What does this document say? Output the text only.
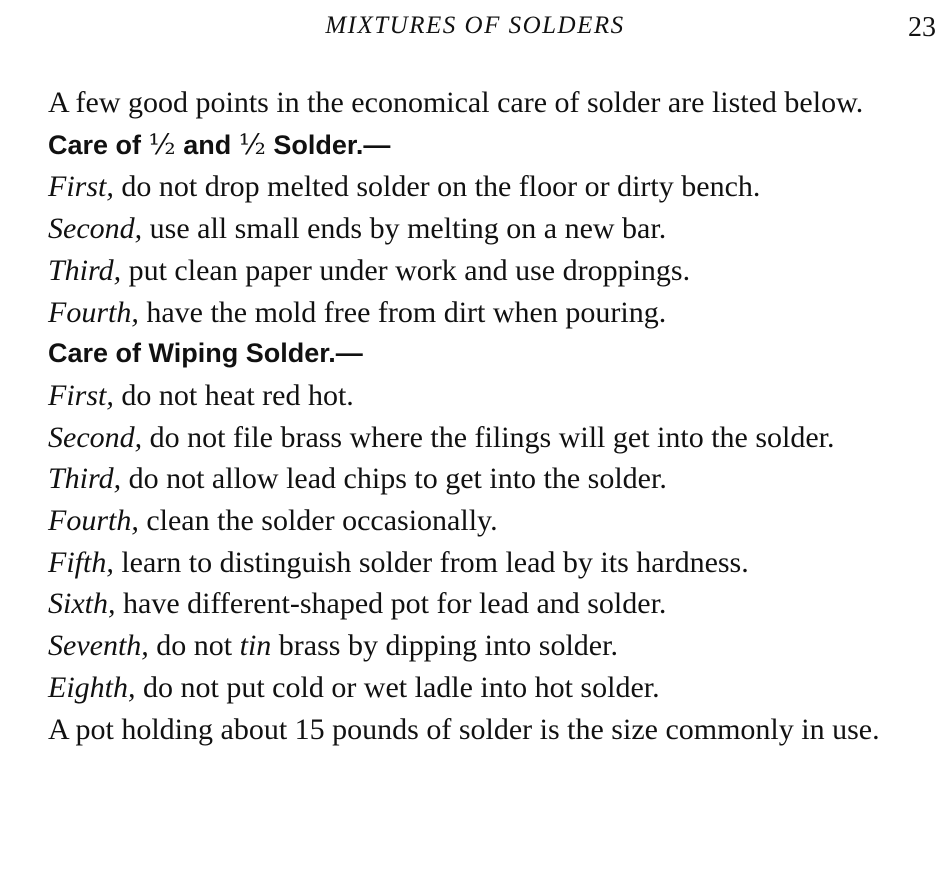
MIXTURES OF SOLDERS	23

A few good points in the economical care of solder are listed below.

Care of ½ and ½ Solder.—

First, do not drop melted solder on the floor or dirty bench.

Second, use all small ends by melting on a new bar.

Third, put clean paper under work and use droppings.

Fourth, have the mold free from dirt when pouring.

Care of Wiping Solder.—

First, do not heat red hot.

Second, do not file brass where the filings will get into the solder.

Third, do not allow lead chips to get into the solder.

Fourth, clean the solder occasionally.

Fifth, learn to distinguish solder from lead by its hardness.

Sixth, have different-shaped pot for lead and solder.

Seventh, do not tin brass by dipping into solder.

Eighth, do not put cold or wet ladle into hot solder.

A pot holding about 15 pounds of solder is the size commonly in use.
